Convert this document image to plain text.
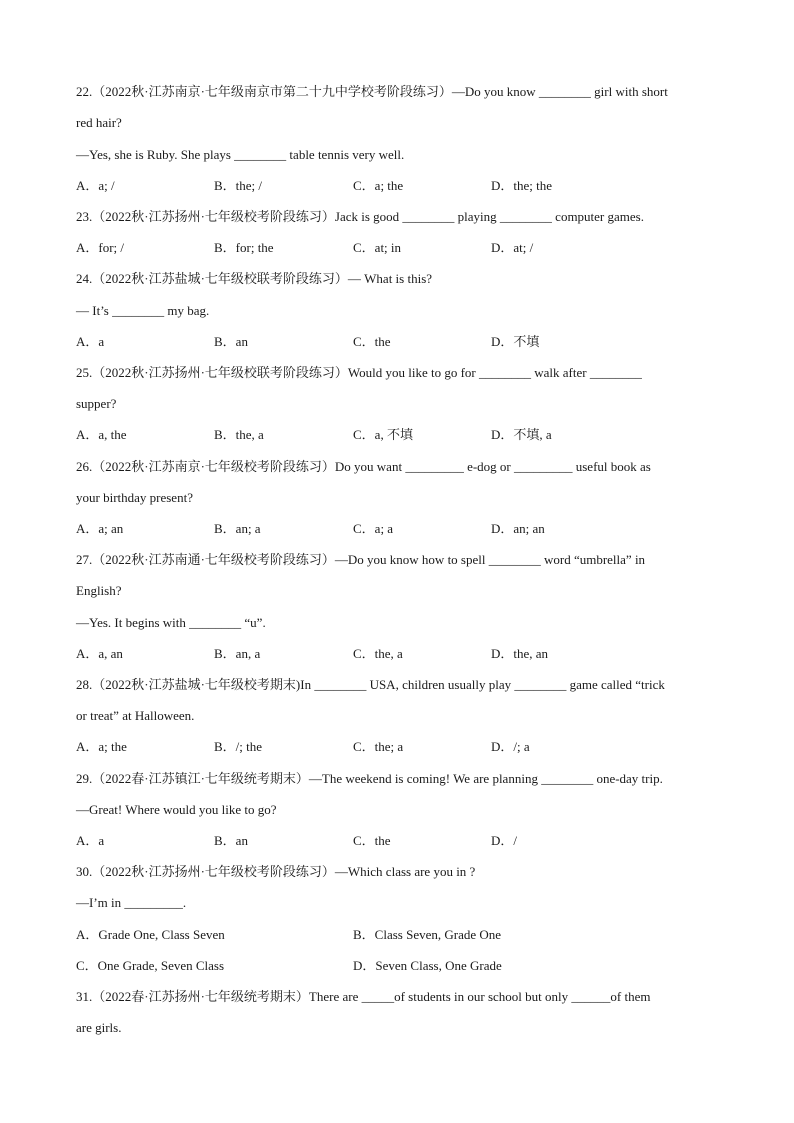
22.（2022秋·江苏南京·七年级南京市第二十九中学校考阶段练习）—Do you know ________ girl with short
red hair?
—Yes, she is Ruby. She plays ________ table tennis very well.
A．a; /	B．the; /	C．a; the	D．the; the
23.（2022秋·江苏扬州·七年级校考阶段练习）Jack is good ________ playing ________ computer games.
A．for; /	B．for; the	C．at; in	D．at; /
24.（2022秋·江苏盐城·七年级校联考阶段练习）— What is this?
— It’s ________ my bag.
A．a	B．an	C．the	D．不填
25.（2022秋·江苏扬州·七年级校联考阶段练习）Would you like to go for ________ walk after ________
supper?
A．a, the	B．the, a	C．a, 不填	D．不填, a
26.（2022秋·江苏南京·七年级校考阶段练习）Do you want _________ e-dog or _________ useful book as
your birthday present?
A．a; an	B．an; a	C．a; a	D．an; an
27.（2022秋·江苏南通·七年级校考阶段练习）—Do you know how to spell ________ word “umbrella” in
English?
—Yes. It begins with ________ “u”.
A．a, an	B．an, a	C．the, a	D．the, an
28.（2022秋·江苏盐城·七年级校考期末)In ________ USA, children usually play ________ game called “trick
or treat” at Halloween.
A．a; the	B．/; the	C．the; a	D．/; a
29.（2022春·江苏镇江·七年级统考期末）—The weekend is coming! We are planning ________ one-day trip.
—Great! Where would you like to go?
A．a	B．an	C．the	D．/
30.（2022秋·江苏扬州·七年级校考阶段练习）—Which class are you in ?
—I’m in _________.
A．Grade One, Class Seven	B．Class Seven, Grade One
C．One Grade, Seven Class	D．Seven Class, One Grade
31.（2022春·江苏扬州·七年级统考期末）There are _____of students in our school but only ______of them
are girls.
